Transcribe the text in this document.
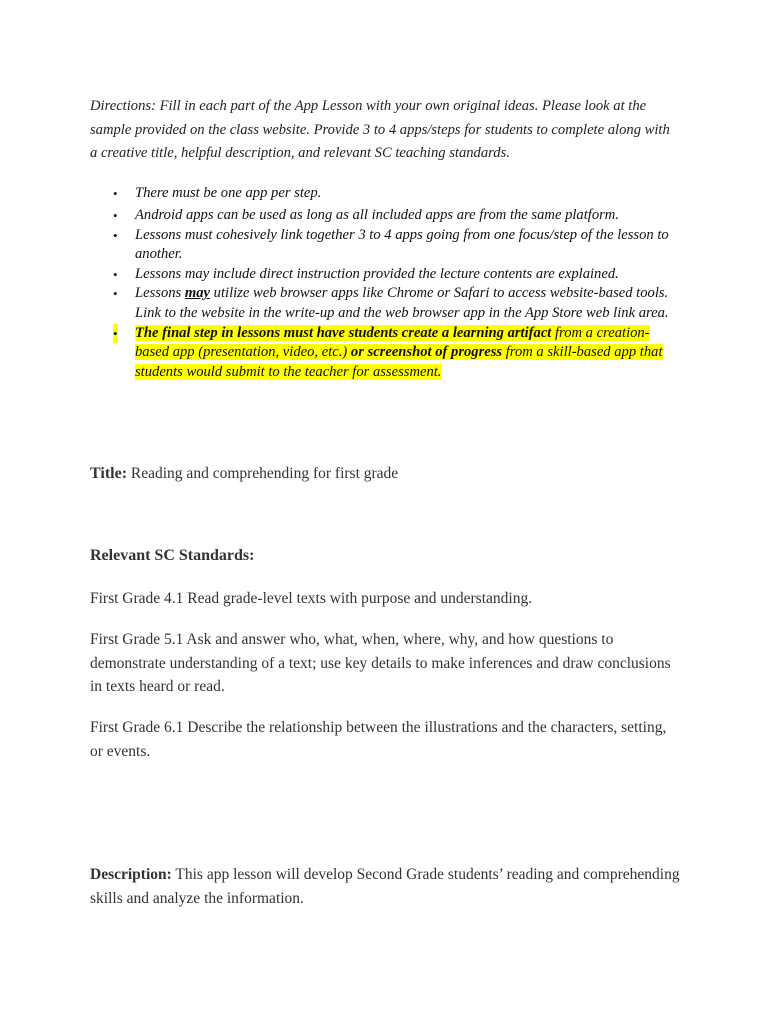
Directions: Fill in each part of the App Lesson with your own original ideas. Please look at the sample provided on the class website. Provide 3 to 4 apps/steps for students to complete along with a creative title, helpful description, and relevant SC teaching standards.

• There must be one app per step.
• Android apps can be used as long as all included apps are from the same platform.
• Lessons must cohesively link together 3 to 4 apps going from one focus/step of the lesson to another.
• Lessons may include direct instruction provided the lecture contents are explained.
• Lessons may utilize web browser apps like Chrome or Safari to access website-based tools. Link to the website in the write-up and the web browser app in the App Store web link area.
• The final step in lessons must have students create a learning artifact from a creation-based app (presentation, video, etc.) or screenshot of progress from a skill-based app that students would submit to the teacher for assessment.
Title: Reading and comprehending for first grade
Relevant SC Standards:

First Grade 4.1 Read grade-level texts with purpose and understanding.

First Grade 5.1 Ask and answer who, what, when, where, why, and how questions to demonstrate understanding of a text; use key details to make inferences and draw conclusions in texts heard or read.

First Grade 6.1 Describe the relationship between the illustrations and the characters, setting, or events.

Description: This app lesson will develop Second Grade students’ reading and comprehending skills and analyze the information.
